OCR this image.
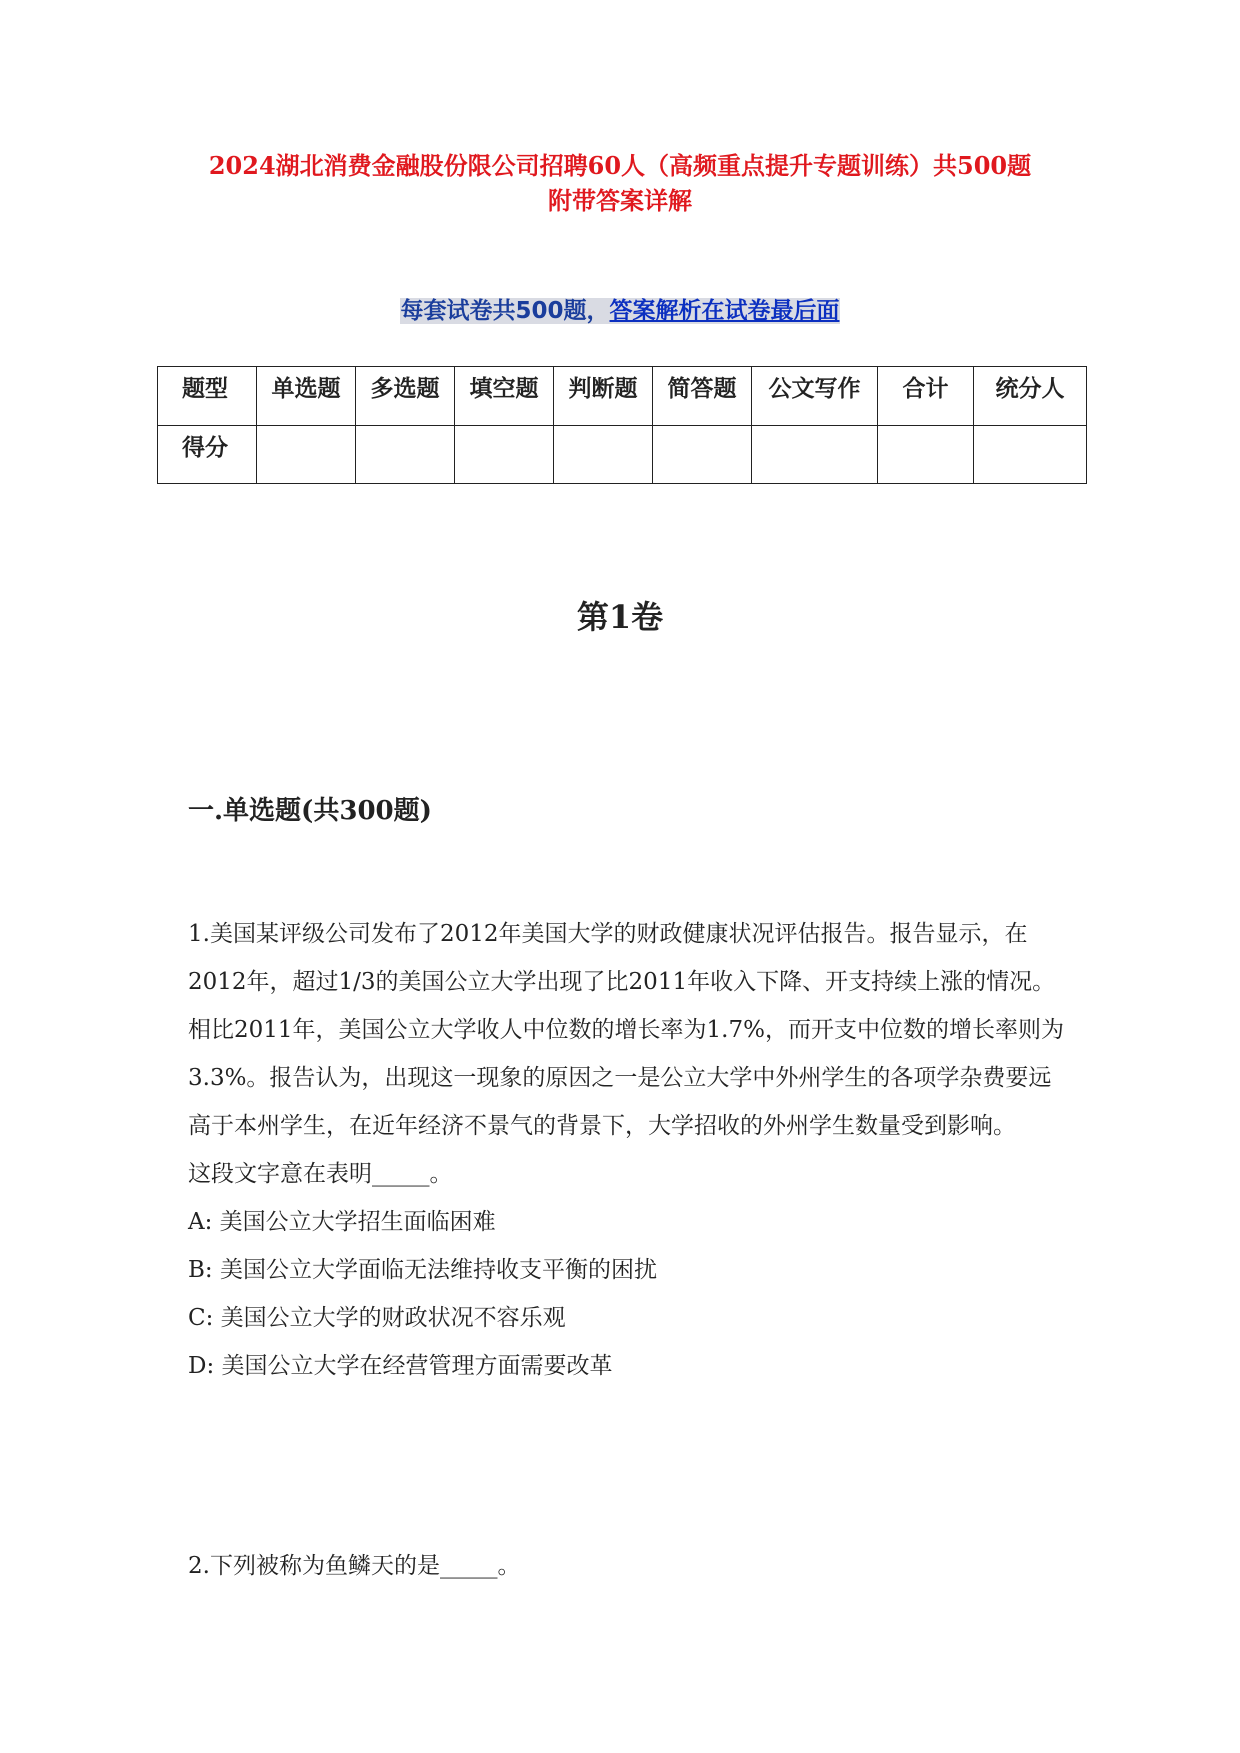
2024湖北消费金融股份限公司招聘60人（高频重点提升专题训练）共500题
附带答案详解
每套试卷共500题，答案解析在试卷最后面
题型	单选题	多选题	填空题	判断题	简答题	公文写作	合计	统分人
得分								
第1卷
一.单选题(共300题)

1.美国某评级公司发布了2012年美国大学的财政健康状况评估报告。报告显示，在2012年，超过1/3的美国公立大学出现了比2011年收入下降、开支持续上涨的情况。相比2011年，美国公立大学收人中位数的增长率为1.7%，而开支中位数的增长率则为3.3%。报告认为，出现这一现象的原因之一是公立大学中外州学生的各项学杂费要远高于本州学生，在近年经济不景气的背景下，大学招收的外州学生数量受到影响。

这段文字意在表明_____。
A: 美国公立大学招生面临困难
B: 美国公立大学面临无法维持收支平衡的困扰
C: 美国公立大学的财政状况不容乐观
D: 美国公立大学在经营管理方面需要改革
2.下列被称为鱼鳞天的是_____。
